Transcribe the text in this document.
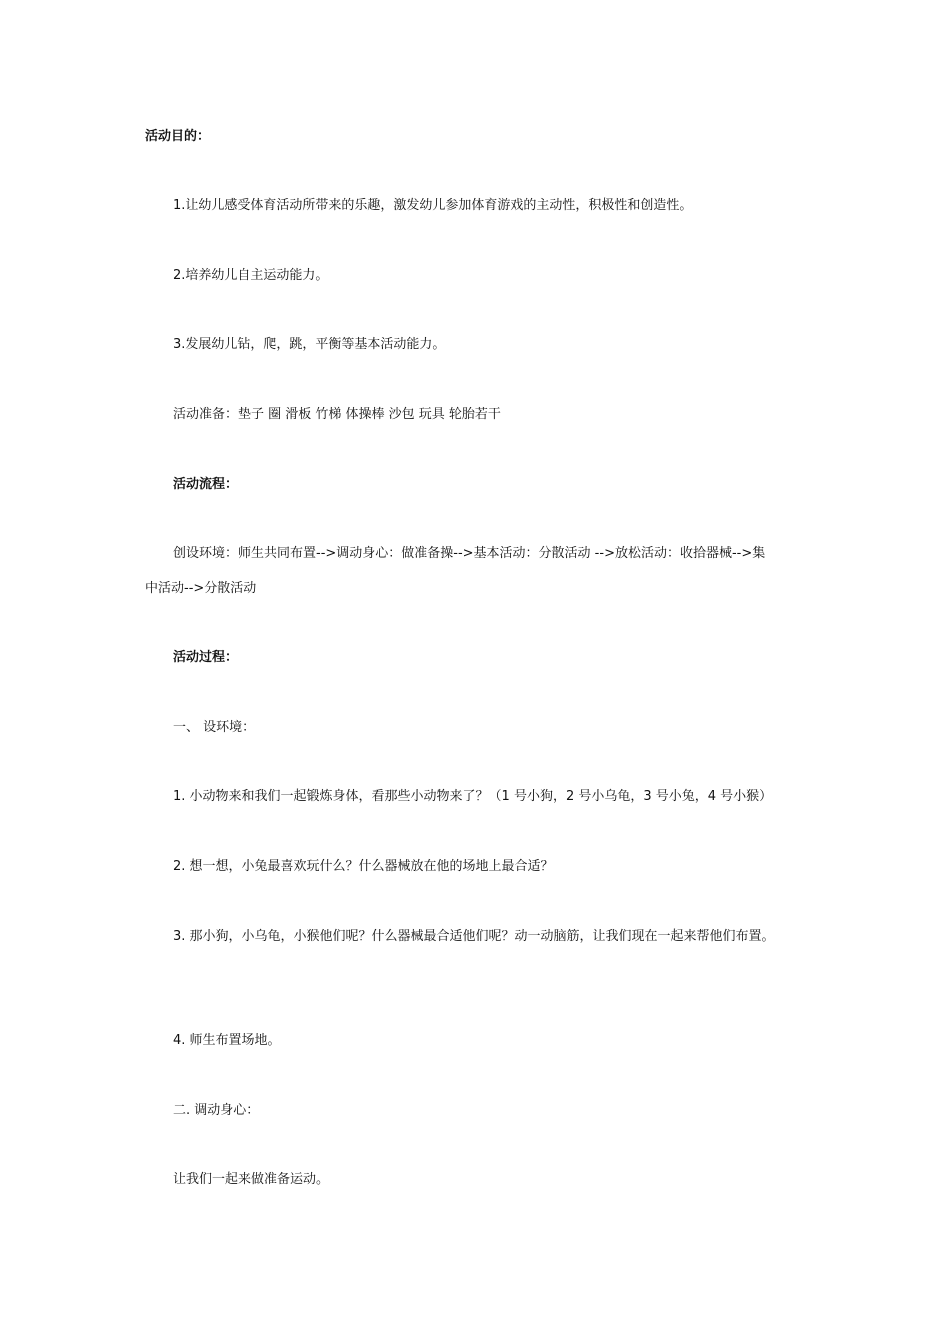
活动目的：
1.让幼儿感受体育活动所带来的乐趣，激发幼儿参加体育游戏的主动性，积极性和创造性。
2.培养幼儿自主运动能力。
3.发展幼儿钻，爬，跳，平衡等基本活动能力。
活动准备：垫子 圈 滑板 竹梯 体操棒 沙包 玩具 轮胎若干
活动流程：
创设环境：师生共同布置-->调动身心：做准备操-->基本活动：分散活动 -->放松活动：收拾器械-->集
中活动-->分散活动
活动过程：
一、 设环境：
1. 小动物来和我们一起锻炼身体，看那些小动物来了？（1 号小狗，2 号小乌龟，3 号小兔，4 号小猴）
2. 想一想，小兔最喜欢玩什么？什么器械放在他的场地上最合适？
3. 那小狗，小乌龟，小猴他们呢？什么器械最合适他们呢？动一动脑筋，让我们现在一起来帮他们布置。
4. 师生布置场地。
二. 调动身心：
让我们一起来做准备运动。
